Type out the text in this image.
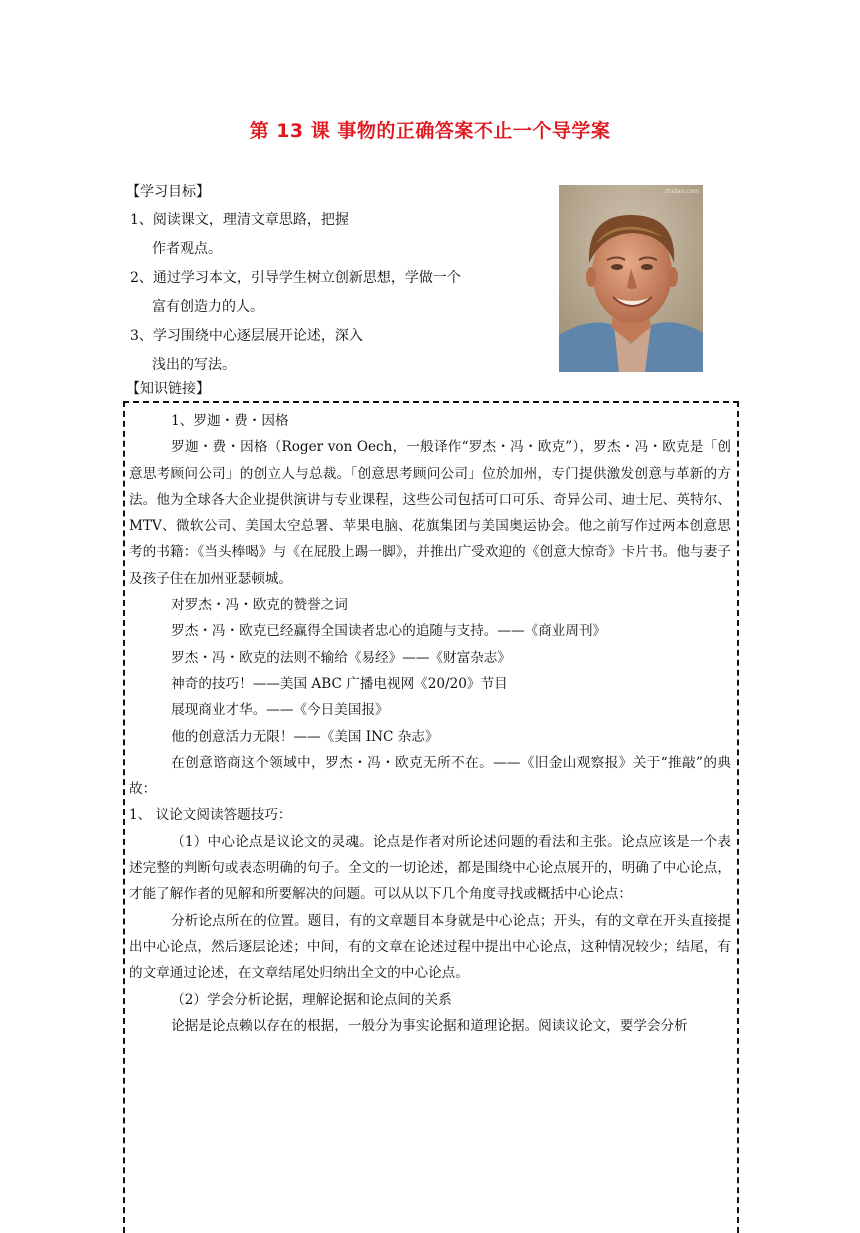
第 13 课 事物的正确答案不止一个导学案
【学习目标】
1、阅读课文，理清文章思路，把握
作者观点。
2、通过学习本文，引导学生树立创新思想，学做一个
富有创造力的人。
3、学习围绕中心逐层展开论述，深入
浅出的写法。
zhidao.com
【知识链接】

1、罗迦・费・因格

罗迦・费・因格（Roger von Oech，一般译作“罗杰・冯・欧克”），罗杰・冯・欧克是「创意思考顾问公司」的创立人与总裁。「创意思考顾问公司」位於加州，专门提供激发创意与革新的方法。他为全球各大企业提供演讲与专业课程，这些公司包括可口可乐、奇异公司、迪士尼、英特尔、MTV、微软公司、美国太空总署、苹果电脑、花旗集团与美国奥运协会。他之前写作过两本创意思考的书籍：《当头棒喝》与《在屁股上踢一脚》，并推出广受欢迎的《创意大惊奇》卡片书。他与妻子及孩子住在加州亚瑟顿城。

对罗杰・冯・欧克的赞誉之词

罗杰・冯・欧克已经赢得全国读者忠心的追随与支持。——《商业周刊》

罗杰・冯・欧克的法则不输给《易经》——《财富杂志》

神奇的技巧！——美国 ABC 广播电视网《20/20》节目

展现商业才华。——《今日美国报》

他的创意活力无限！——《美国 INC 杂志》

在创意谘商这个领域中，罗杰・冯・欧克无所不在。——《旧金山观察报》关于“推敲”的典故：

1、 议论文阅读答题技巧：

（1）中心论点是议论文的灵魂。论点是作者对所论述问题的看法和主张。论点应该是一个表述完整的判断句或表态明确的句子。全文的一切论述，都是围绕中心论点展开的，明确了中心论点，才能了解作者的见解和所要解决的问题。可以从以下几个角度寻找或概括中心论点：

分析论点所在的位置。题目，有的文章题目本身就是中心论点；开头，有的文章在开头直接提出中心论点，然后逐层论述；中间，有的文章在论述过程中提出中心论点，这种情况较少；结尾，有的文章通过论述，在文章结尾处归纳出全文的中心论点。

（2）学会分析论据，理解论据和论点间的关系

论据是论点赖以存在的根据，一般分为事实论据和道理论据。阅读议论文，要学会分析
